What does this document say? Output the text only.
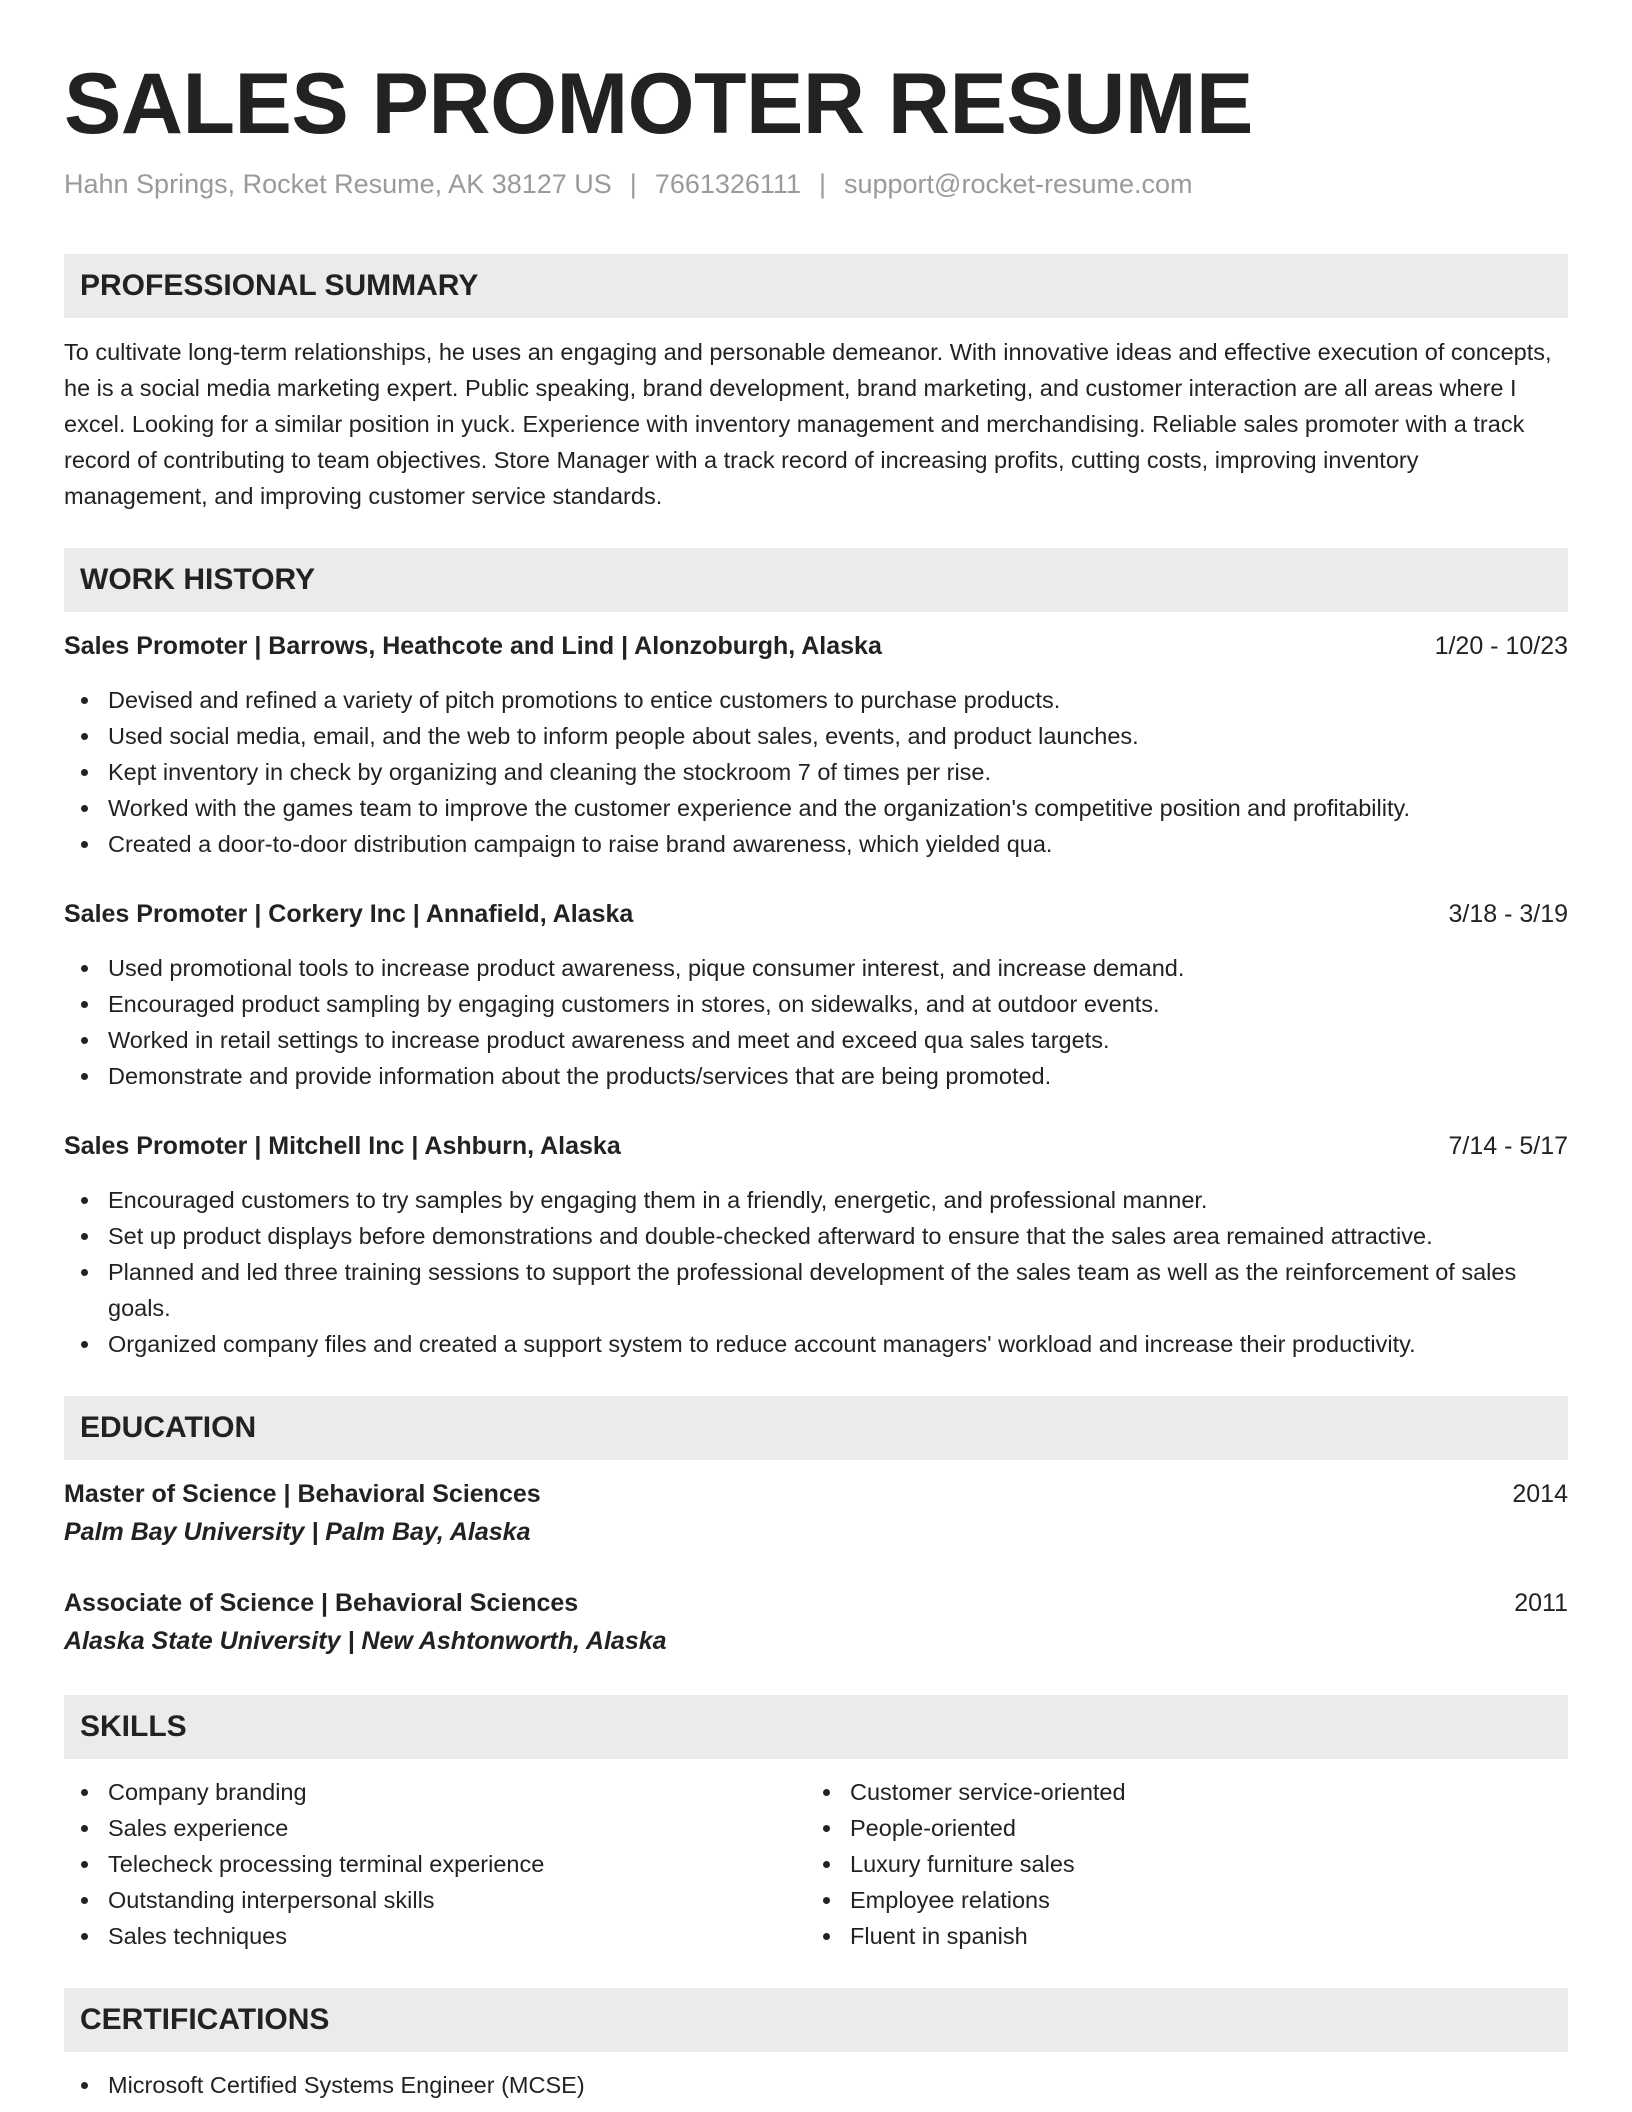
SALES PROMOTER RESUME
Hahn Springs, Rocket Resume, AK 38127 US | 7661326111 | support@rocket-resume.com
PROFESSIONAL SUMMARY

To cultivate long-term relationships, he uses an engaging and personable demeanor. With innovative ideas and effective execution of concepts, he is a social media marketing expert. Public speaking, brand development, brand marketing, and customer interaction are all areas where I excel. Looking for a similar position in yuck. Experience with inventory management and merchandising. Reliable sales promoter with a track record of contributing to team objectives. Store Manager with a track record of increasing profits, cutting costs, improving inventory management, and improving customer service standards.

WORK HISTORY
Sales Promoter | Barrows, Heathcote and Lind | Alonzoburgh, Alaska	1/20 - 10/23
Devised and refined a variety of pitch promotions to entice customers to purchase products.
Used social media, email, and the web to inform people about sales, events, and product launches.
Kept inventory in check by organizing and cleaning the stockroom 7 of times per rise.
Worked with the games team to improve the customer experience and the organization's competitive position and profitability.
Created a door-to-door distribution campaign to raise brand awareness, which yielded qua.
Sales Promoter | Corkery Inc | Annafield, Alaska	3/18 - 3/19
Used promotional tools to increase product awareness, pique consumer interest, and increase demand.
Encouraged product sampling by engaging customers in stores, on sidewalks, and at outdoor events.
Worked in retail settings to increase product awareness and meet and exceed qua sales targets.
Demonstrate and provide information about the products/services that are being promoted.
Sales Promoter | Mitchell Inc | Ashburn, Alaska	7/14 - 5/17
Encouraged customers to try samples by engaging them in a friendly, energetic, and professional manner.
Set up product displays before demonstrations and double-checked afterward to ensure that the sales area remained attractive.
Planned and led three training sessions to support the professional development of the sales team as well as the reinforcement of sales goals.
Organized company files and created a support system to reduce account managers' workload and increase their productivity.
EDUCATION
Master of Science | Behavioral Sciences	2014
Palm Bay University | Palm Bay, Alaska
Associate of Science | Behavioral Sciences	2011
Alaska State University | New Ashtonworth, Alaska
SKILLS
Company branding
Sales experience
Telecheck processing terminal experience
Outstanding interpersonal skills
Sales techniques
Customer service-oriented
People-oriented
Luxury furniture sales
Employee relations
Fluent in spanish
CERTIFICATIONS
Microsoft Certified Systems Engineer (MCSE)
